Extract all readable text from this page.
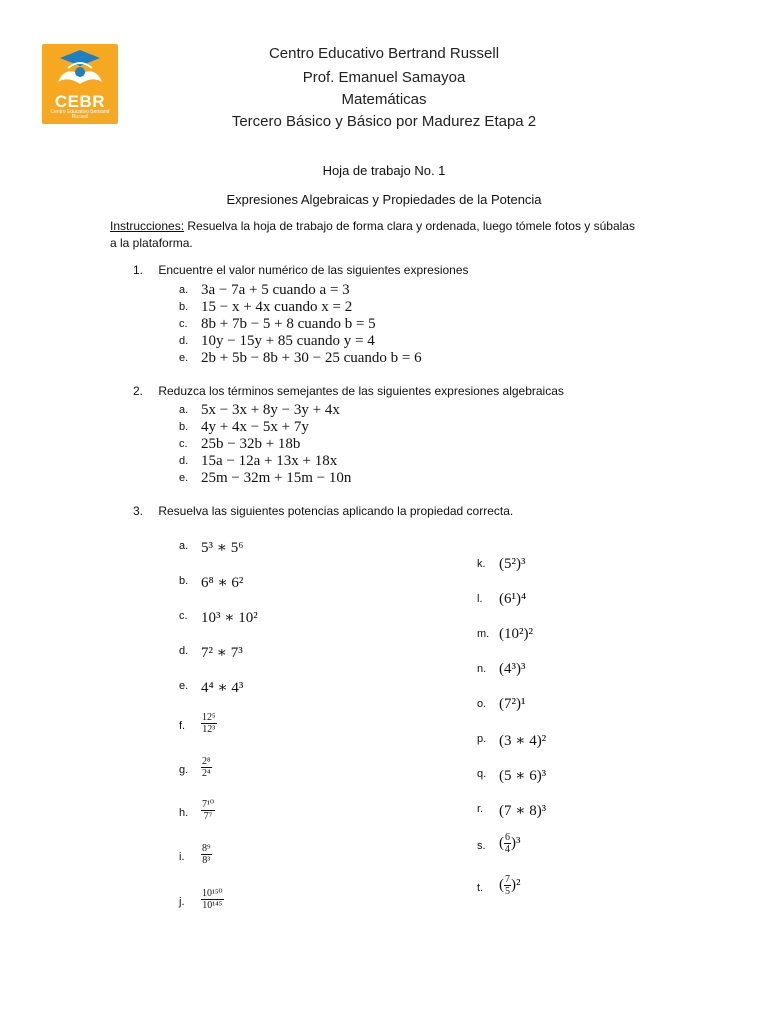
CEBR
Centro Educativo Bertrand Russell
Centro Educativo Bertrand Russell
Prof. Emanuel Samayoa
Matemáticas
Tercero Básico y Básico por Madurez Etapa 2
Hoja de trabajo No. 1
Expresiones Algebraicas y Propiedades de la Potencia
Instrucciones: Resuelva la hoja de trabajo de forma clara y ordenada, luego tómele fotos y súbalas a la plataforma.
1. Encuentre el valor numérico de las siguientes expresiones
a. 3a − 7a + 5 cuando a = 3
b. 15 − x + 4x cuando x = 2
c. 8b + 7b − 5 + 8 cuando b = 5
d. 10y − 15y + 85 cuando y = 4
e. 2b + 5b − 8b + 30 − 25 cuando b = 6
2. Reduzca los términos semejantes de las siguientes expresiones algebraicas
a. 5x − 3x + 8y − 3y + 4x
b. 4y + 4x − 5x + 7y
c. 25b − 32b + 18b
d. 15a − 12a + 13x + 18x
e. 25m − 32m + 15m − 10n
3. Resuelva las siguientes potencias aplicando la propiedad correcta.
a. 5³ ∗ 5⁶
b. 6⁸ ∗ 6²
c. 10³ ∗ 10²
d. 7² ∗ 7³
e. 4⁴ ∗ 4³
f. $\frac{\text{12⁵}}{\text{12³}}$
g. $\frac{\text{2⁸}}{\text{2⁴}}$
h. $\frac{\text{7¹⁰}}{\text{7⁷}}$
i. $\frac{\text{8⁹}}{\text{8³}}$
j. $\frac{\text{10¹⁵⁰}}{\text{10¹⁴⁵}}$
k. (5²)³
l. (6¹)⁴
m. (10²)²
n. (4³)³
o. (7²)¹
p. (3 ∗ 4)²
q. (5 ∗ 6)³
r. (7 ∗ 8)³
s. ( $\frac{6}{4} )^3$
t. ( $\frac{7}{5} )^2$
